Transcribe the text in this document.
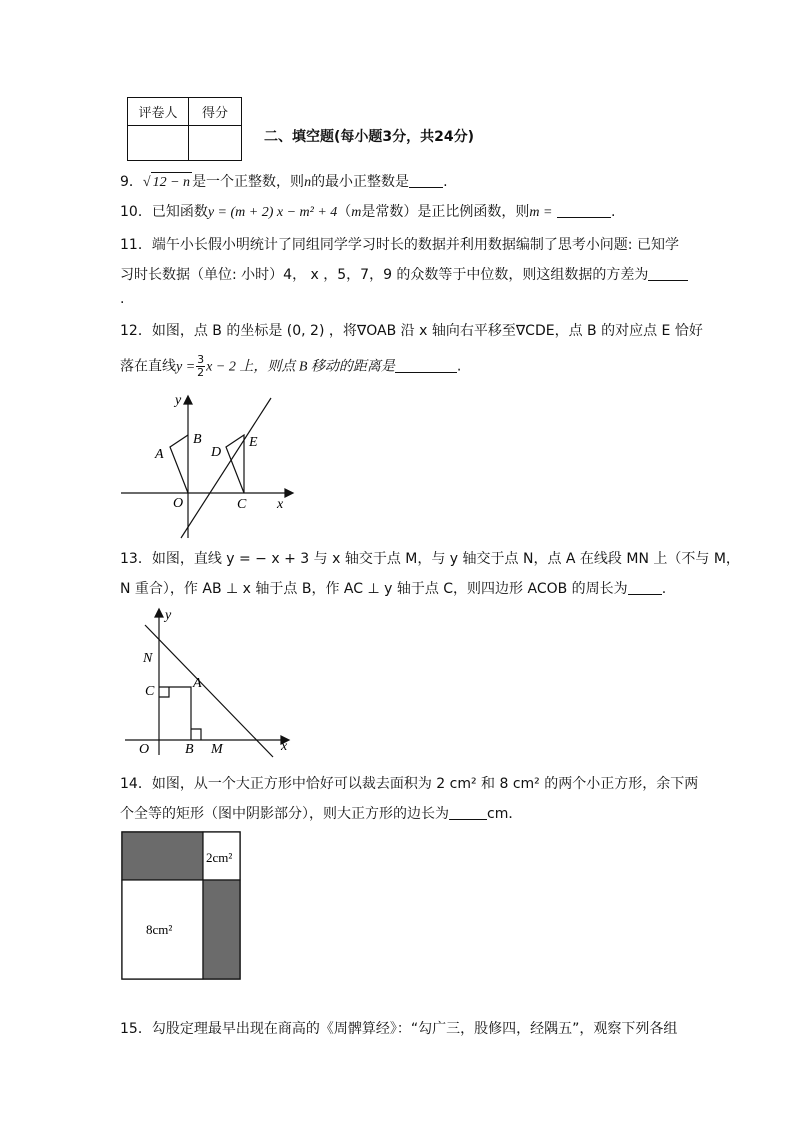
评卷人	得分

二、填空题(每小题3分，共24分)
9．√ 12 − n 是一个正整数，则n的最小正整数是 .
10．已知函数y = (m + 2) x − m² + 4（m是常数）是正比例函数，则m =	.
11．端午小长假小明统计了同组同学学习时长的数据并利用数据编制了思考小问题: 已知学
习时长数据（单位: 小时）4， x ，5，7，9 的众数等于中位数，则这组数据的方差为
.
12．如图，点 B 的坐标是 (0, 2) ，将∇OAB 沿 x 轴向右平移至∇CDE，点 B 的对应点 E 恰好
落在直线$y = \frac{3}{2}$ x − 2 上，则点 B 移动的距离是	.
y
x
O
A
B
C
D
E
13．如图，直线 y = − x + 3 与 x 轴交于点 M，与 y 轴交于点 N，点 A 在线段 MN 上（不与 M，
N 重合），作 AB ⊥ x 轴于点 B，作 AC ⊥ y 轴于点 C，则四边形 ACOB 的周长为 .
y
x
O
N
C
A
B M
14．如图，从一个大正方形中恰好可以裁去面积为 2 cm² 和 8 cm² 的两个小正方形，余下两
个全等的矩形（图中阴影部分），则大正方形的边长为	cm．
2cm²
8cm²
15．勾股定理最早出现在商高的《周髀算经》：“勾广三，股修四，经隅五”，观察下列各组
